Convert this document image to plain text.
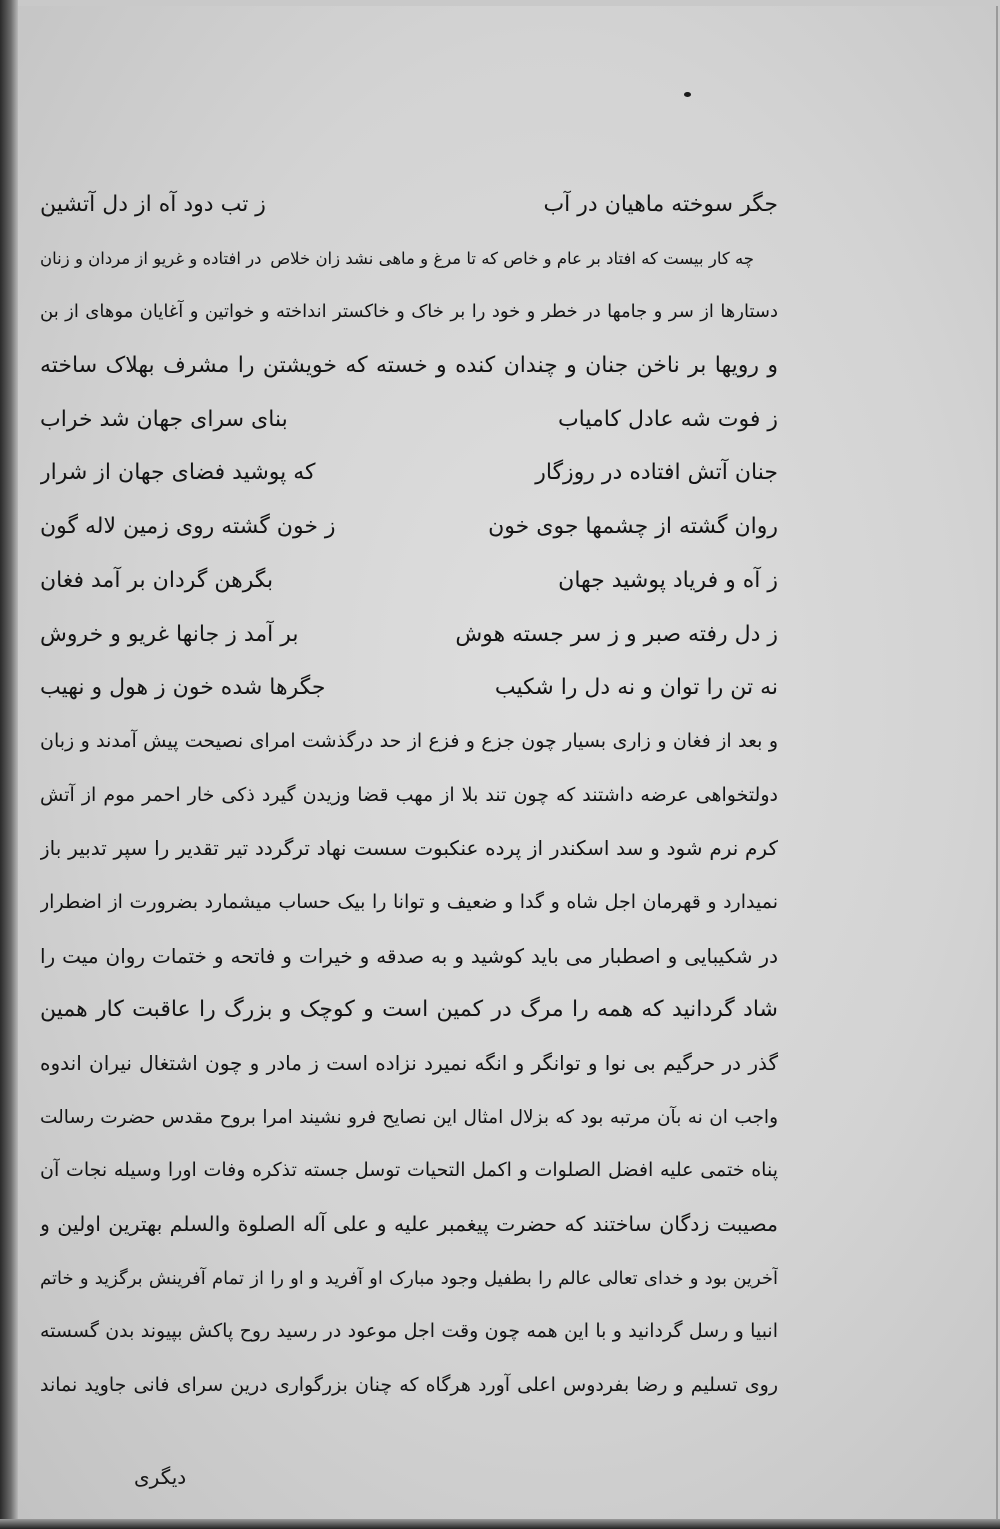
جگر سوخته ماهیان در آب
ز تب دود آه از دل آتشین
چه کار بیست که افتاد بر عام و خاص که تا مرغ و ماهی نشد زان خلاص
در افتاده و غریو از مردان و زنان
دستارها از سر و جامها در خطر و خود را بر خاک و خاکستر انداخته و خواتین و آغایان موهای از بن
و رویها بر ناخن جنان و چندان کنده و خسته که خویشتن را مشرف بهلاک ساخته
ز فوت شه عادل کامیاب
بنای سرای جهان شد خراب
جنان آتش افتاده در روزگار
که پوشید فضای جهان از شرار
روان گشته از چشمها جوی خون
ز خون گشته روی زمین لاله گون
ز آه و فریاد پوشید جهان
بگرهن گردان بر آمد فغان
ز دل رفته صبر و ز سر جسته هوش
بر آمد ز جانها غریو و خروش
نه تن را توان و نه دل را شکیب
جگرها شده خون ز هول و نهیب
و بعد از فغان و زاری بسیار چون جزع و فزع از حد درگذشت امرای نصیحت پیش آمدند و زبان
دولتخواهی عرضه داشتند که چون تند بلا از مهب قضا وزیدن گیرد ذکی خار احمر موم از آتش
کرم نرم شود و سد اسکندر از پرده عنکبوت سست نهاد ترگردد تیر تقدیر را سپر تدبیر باز
نمیدارد و قهرمان اجل شاه و گدا و ضعیف و توانا را بیک حساب میشمارد بضرورت از اضطرار
در شکیبایی و اصطبار می باید کوشید و به صدقه و خیرات و فاتحه و ختمات روان میت را
شاد گردانید که همه را مرگ در کمین است و کوچک و بزرگ را عاقبت کار همین
گذر در حرگیم بی نوا و توانگر و انگه نمیرد نزاده است ز مادر و چون اشتغال نیران اندوه
واجب ان نه بآن مرتبه بود که بزلال امثال این نصایح فرو نشیند امرا بروح مقدس حضرت رسالت
پناه ختمی علیه افضل الصلوات و اکمل التحیات توسل جسته تذکره وفات اورا وسیله نجات آن
مصیبت زدگان ساختند که حضرت پیغمبر علیه و علی آله الصلوة والسلم بهترین اولین و
آخرین بود و خدای تعالی عالم را بطفیل وجود مبارک او آفرید و او را از تمام آفرینش برگزید و خاتم
انبیا و رسل گردانید و با این همه چون وقت اجل موعود در رسید روح پاکش بپیوند بدن گسسته
روی تسلیم و رضا بفردوس اعلی آورد هرگاه که چنان بزرگواری درین سرای فانی جاوید نماند
دیگری
